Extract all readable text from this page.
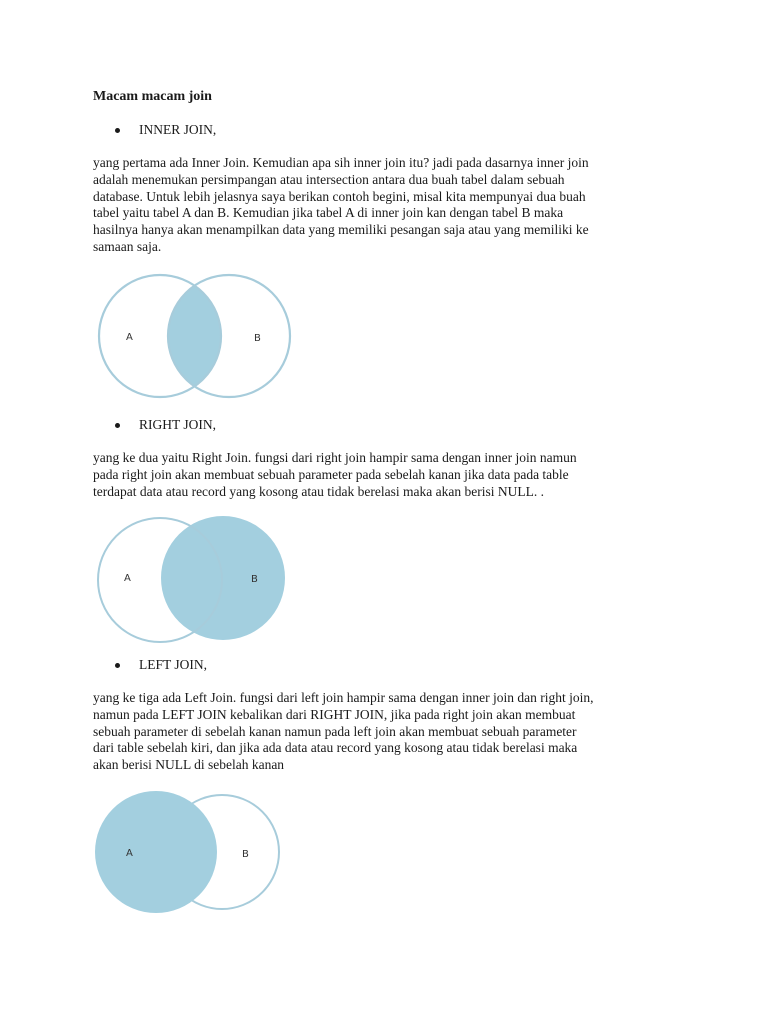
Macam macam join
INNER JOIN,
yang pertama ada Inner Join. Kemudian apa sih inner join itu? jadi pada dasarnya inner join
adalah menemukan persimpangan atau intersection antara dua buah tabel dalam sebuah
database. Untuk lebih jelasnya saya berikan contoh begini, misal kita mempunyai dua buah
tabel yaitu tabel A dan B. Kemudian jika tabel A di inner join kan dengan tabel B maka
hasilnya hanya akan menampilkan data yang memiliki pesangan saja atau yang memiliki ke
samaan saja.
A	B
RIGHT JOIN,
yang ke dua yaitu Right Join. fungsi dari right join hampir sama dengan inner join namun
pada right join akan membuat sebuah parameter pada sebelah kanan jika data pada table
terdapat data atau record yang kosong atau tidak berelasi maka akan berisi NULL. .
A	B
LEFT JOIN,
yang ke tiga ada Left Join. fungsi dari left join hampir sama dengan inner join dan right join,
namun pada LEFT JOIN kebalikan dari RIGHT JOIN, jika pada right join akan membuat
sebuah parameter di sebelah kanan namun pada left join akan membuat sebuah parameter
dari table sebelah kiri, dan jika ada data atau record yang kosong atau tidak berelasi maka
akan berisi NULL di sebelah kanan
A	B
